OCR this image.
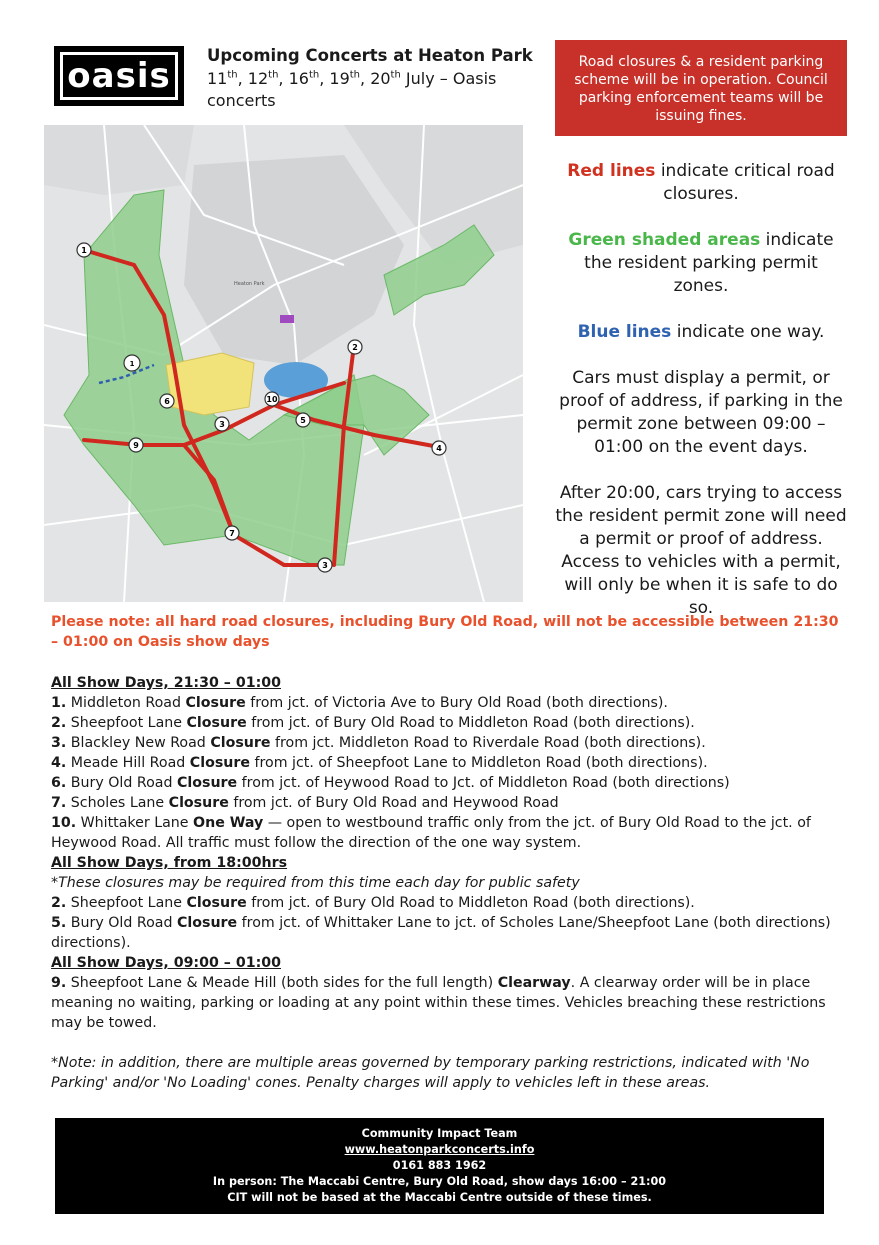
oasis
Upcoming Concerts at Heaton Park
11th, 12th, 16th, 19th, 20th July – Oasis concerts
Road closures & a resident parking scheme will be in operation. Council parking enforcement teams will be issuing fines.
Heaton Park
1
2
3
4
5
6
7
9
10
1
3

Red lines indicate critical road closures.

Green shaded areas indicate the resident parking permit zones.

Blue lines indicate one way.

Cars must display a permit, or proof of address, if parking in the permit zone between 09:00 – 01:00 on the event days.

After 20:00, cars trying to access the resident permit zone will need a permit or proof of address. Access to vehicles with a permit, will only be when it is safe to do so.

Please note: all hard road closures, including Bury Old Road, will not be accessible between 21:30 – 01:00 on Oasis show days
All Show Days, 21:30 – 01:00
1. Middleton Road Closure from jct. of Victoria Ave to Bury Old Road (both directions).
2. Sheepfoot Lane Closure from jct. of Bury Old Road to Middleton Road (both directions).
3. Blackley New Road Closure from jct. Middleton Road to Riverdale Road (both directions).
4. Meade Hill Road Closure from jct. of Sheepfoot Lane to Middleton Road (both directions).
6. Bury Old Road Closure from jct. of Heywood Road to Jct. of Middleton Road (both directions)
7. Scholes Lane Closure from jct. of Bury Old Road and Heywood Road
10. Whittaker Lane One Way — open to westbound traffic only from the jct. of Bury Old Road to the jct. of Heywood Road. All traffic must follow the direction of the one way system.
All Show Days, from 18:00hrs
*These closures may be required from this time each day for public safety
2. Sheepfoot Lane Closure from jct. of Bury Old Road to Middleton Road (both directions).
5. Bury Old Road Closure from jct. of Whittaker Lane to jct. of Scholes Lane/Sheepfoot Lane (both directions) directions).
All Show Days, 09:00 – 01:00
9. Sheepfoot Lane & Meade Hill (both sides for the full length) Clearway. A clearway order will be in place meaning no waiting, parking or loading at any point within these times. Vehicles breaching these restrictions may be towed.
*Note: in addition, there are multiple areas governed by temporary parking restrictions, indicated with 'No Parking' and/or 'No Loading' cones. Penalty charges will apply to vehicles left in these areas.
Community Impact Team
www.heatonparkconcerts.info
0161 883 1962
In person: The Maccabi Centre, Bury Old Road, show days 16:00 – 21:00
CIT will not be based at the Maccabi Centre outside of these times.
